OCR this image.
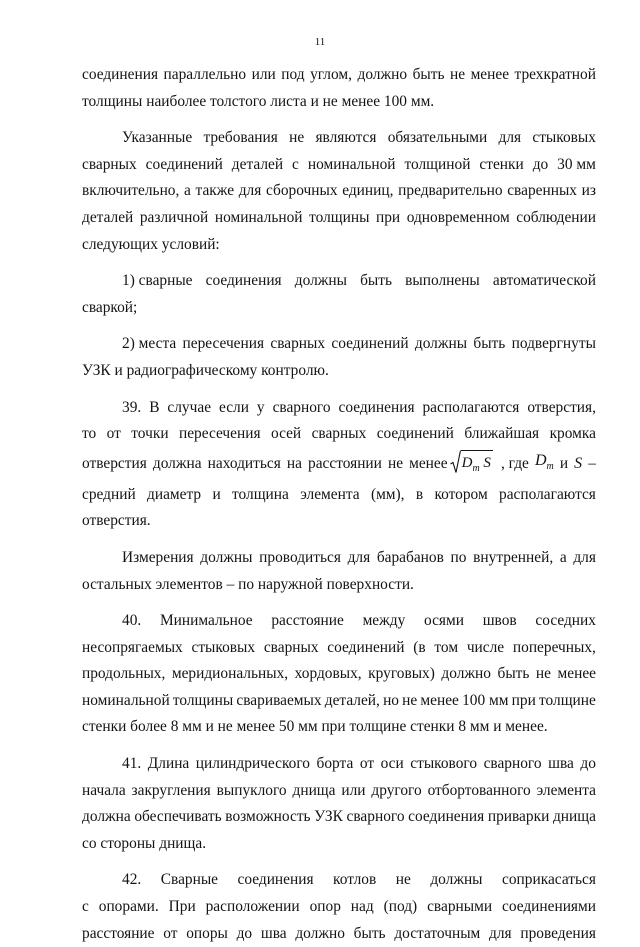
11
соединения параллельно или под углом, должно быть не менее трехкратной
толщины наиболее толстого листа и не менее 100 мм.
Указанные требования не являются обязательными для стыковых
сварных соединений деталей с номинальной толщиной стенки до 30 мм
включительно, а также для сборочных единиц, предварительно сваренных из
деталей различной номинальной толщины при одновременном соблюдении
следующих условий:
1) сварные соединения должны быть выполнены автоматической
сваркой;
2) места пересечения сварных соединений должны быть подвергнуты
УЗК и радиографическому контролю.
39. В случае если у сварного соединения располагаются отверстия,
то от точки пересечения осей сварных соединений ближайшая кромка
отверстия должна находиться на расстоянии не менее $D_m$ S , где $D_m$ и S –
средний диаметр и толщина элемента (мм), в котором располагаются
отверстия.
Измерения должны проводиться для барабанов по внутренней, а для
остальных элементов – по наружной поверхности.
40. Минимальное расстояние между осями швов соседних
несопрягаемых стыковых сварных соединений (в том числе поперечных,
продольных, меридиональных, хордовых, круговых) должно быть не менее
номинальной толщины свариваемых деталей, но не менее 100 мм при толщине
стенки более 8 мм и не менее 50 мм при толщине стенки 8 мм и менее.
41. Длина цилиндрического борта от оси стыкового сварного шва до
начала закругления выпуклого днища или другого отбортованного элемента
должна обеспечивать возможность УЗК сварного соединения приварки днища
со стороны днища.
42. Сварные соединения котлов не должны соприкасаться
с опорами. При расположении опор над (под) сварными соединениями
расстояние от опоры до шва должно быть достаточным для проведения
